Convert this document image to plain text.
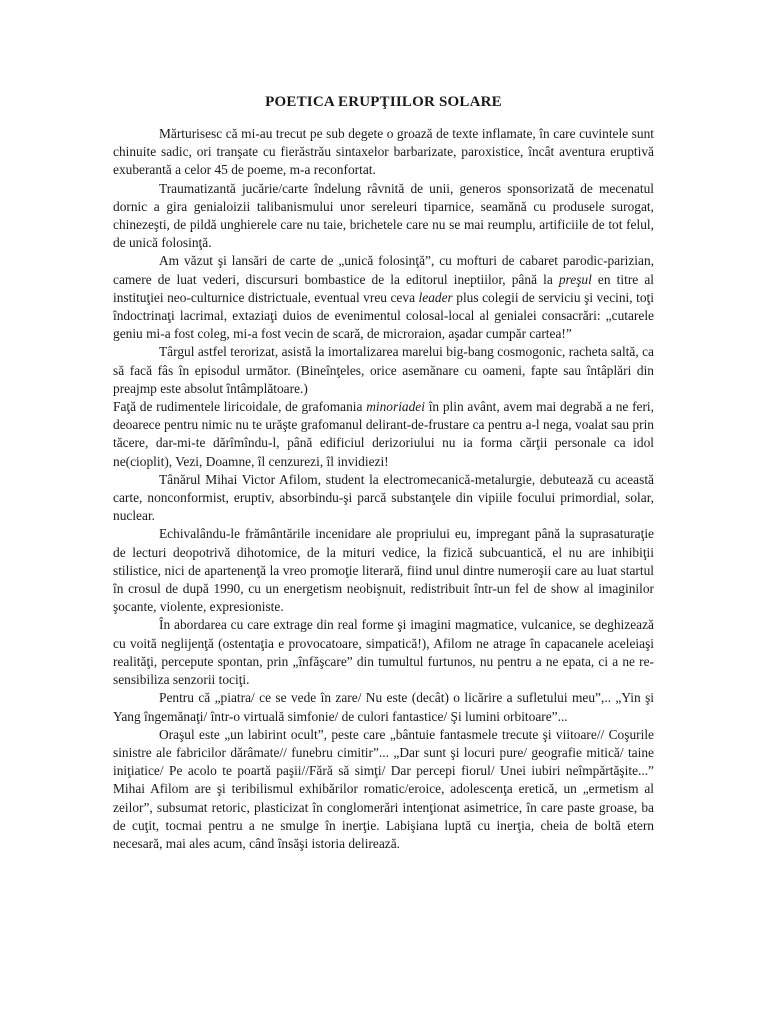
POETICA ERUPŢIILOR SOLARE

Mărturisesc că mi-au trecut pe sub degete o groază de texte inflamate, în care cuvintele sunt chinuite sadic, ori tranşate cu fierăstrău sintaxelor barbarizate, paroxistice, încât aventura eruptivă exuberantă a celor 45 de poeme, m-a reconfortat.

Traumatizantă jucărie/carte îndelung râvnită de unii, generos sponsorizată de mecenatul dornic a gira genialoizii talibanismului unor sereleuri tiparnice, seamănă cu produsele surogat, chinezeşti, de pildă unghierele care nu taie, brichetele care nu se mai reumplu, artificiile de tot felul, de unică folosinţă.

Am văzut şi lansări de carte de „unică folosinţă”, cu mofturi de cabaret parodic-parizian, camere de luat vederi, discursuri bombastice de la editorul ineptiilor, până la preşul en titre al instituţiei neo-culturnice districtuale, eventual vreu ceva leader plus colegii de serviciu şi vecini, toţi îndoctrinaţi lacrimal, extaziaţi duios de evenimentul colosal-local al genialei consacrări: „cutarele geniu mi-a fost coleg, mi-a fost vecin de scară, de microraion, aşadar cumpăr cartea!”

Târgul astfel terorizat, asistă la imortalizarea marelui big-bang cosmogonic, racheta saltă, ca să facă fâs în episodul următor. (Bineînţeles, orice asemănare cu oameni, fapte sau întâplări din preajmp este absolut întâmplătoare.)

Faţă de rudimentele liricoidale, de grafomania minoriadei în plin avânt, avem mai degrabă a ne feri, deoarece pentru nimic nu te urăşte grafomanul delirant-de-frustare ca pentru a-l nega, voalat sau prin tăcere, dar-mi-te dărîmîndu-l, până edificiul derizoriului nu ia forma cărţii personale ca idol ne(cioplit), Vezi, Doamne, îl cenzurezi, îl invidiezi!

Tânărul Mihai Victor Afilom, student la electromecanică-metalurgie, debutează cu această carte, nonconformist, eruptiv, absorbindu-şi parcă substanţele din vipiile focului primordial, solar, nuclear.

Echivalându-le frământările incenidare ale propriului eu, impregant până la suprasaturaţie de lecturi deopotrivă dihotomice, de la mituri vedice, la fizică subcuantică, el nu are inhibiţii stilistice, nici de apartenenţă la vreo promoţie literară, fiind unul dintre numeroşii care au luat startul în crosul de după 1990, cu un energetism neobişnuit, redistribuit într-un fel de show al imaginilor şocante, violente, expresioniste.

În abordarea cu care extrage din real forme şi imagini magmatice, vulcanice, se deghizează cu voită neglijenţă (ostentaţia e provocatoare, simpatică!), Afilom ne atrage în capacanele aceleiaşi realităţi, percepute spontan, prin „înfăşcare” din tumultul furtunos, nu pentru a ne epata, ci a ne re-sensibiliza senzorii tociţi.

Pentru că „piatra/ ce se vede în zare/ Nu este (decât) o licărire a sufletului meu”,.. „Yin şi Yang îngemănaţi/ într-o virtuală simfonie/ de culori fantastice/ Şi lumini orbitoare”...

Oraşul este „un labirint ocult”, peste care „bântuie fantasmele trecute şi viitoare// Coşurile sinistre ale fabricilor dărâmate// funebru cimitir”... „Dar sunt şi locuri pure/ geografie mitică/ taine iniţiatice/ Pe acolo te poartă paşii//Fără să simţi/ Dar percepi fiorul/ Unei iubiri neîmpărtăşite...” Mihai Afilom are şi teribilismul exhibărilor romatic/eroice, adolescenţa eretică, un „ermetism al zeilor”, subsumat retoric, plasticizat în conglomerări intenţionat asimetrice, în care paste groase, ba de cuţit, tocmai pentru a ne smulge în inerţie. Labişiana luptă cu inerţia, cheia de boltă etern necesară, mai ales acum, când însăşi istoria delirează.
